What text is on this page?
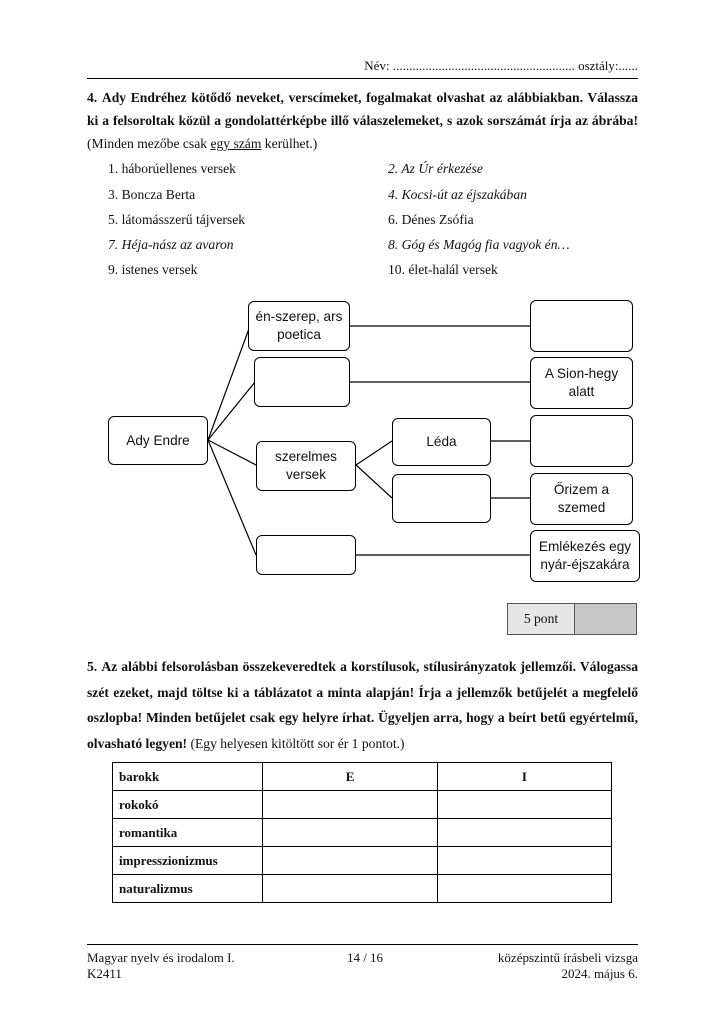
Név: ........................................................ osztály:......
4. Ady Endréhez kötődő neveket, verscímeket, fogalmakat olvashat az alábbiakban. Válassza ki a felsoroltak közül a gondolattérképbe illő válaszelemeket, s azok sorszámát írja az ábrába! (Minden mezőbe csak egy szám kerülhet.)
1. háborúellenes versek	2. Az Úr érkezése
3. Boncza Berta	4. Kocsi-út az éjszakában
5. látomásszerű tájversek	6. Dénes Zsófia
7. Héja-nász az avaron	8. Góg és Magóg fia vagyok én…
9. istenes versek	10. élet-halál versek
Ady Endre
én-szerep, ars poetica
szerelmes versek
Léda
A Sion-hegy alatt
Őrizem a szemed
Emlékezés egy nyár-éjszakára
5 pont
5. Az alábbi felsorolásban összekeveredtek a korstílusok, stílusirányzatok jellemzői. Válogassa szét ezeket, majd töltse ki a táblázatot a minta alapján! Írja a jellemzők betűjelét a megfelelő oszlopba! Minden betűjelet csak egy helyre írhat. Ügyeljen arra, hogy a beírt betű egyértelmű, olvasható legyen! (Egy helyesen kitöltött sor ér 1 pontot.)
barokk	E	I
rokokó		
romantika		
impresszionizmus		
naturalizmus		
Magyar nyelv és irodalom I.
K2411
14 / 16	középszintű írásbeli vizsga
2024. május 6.
